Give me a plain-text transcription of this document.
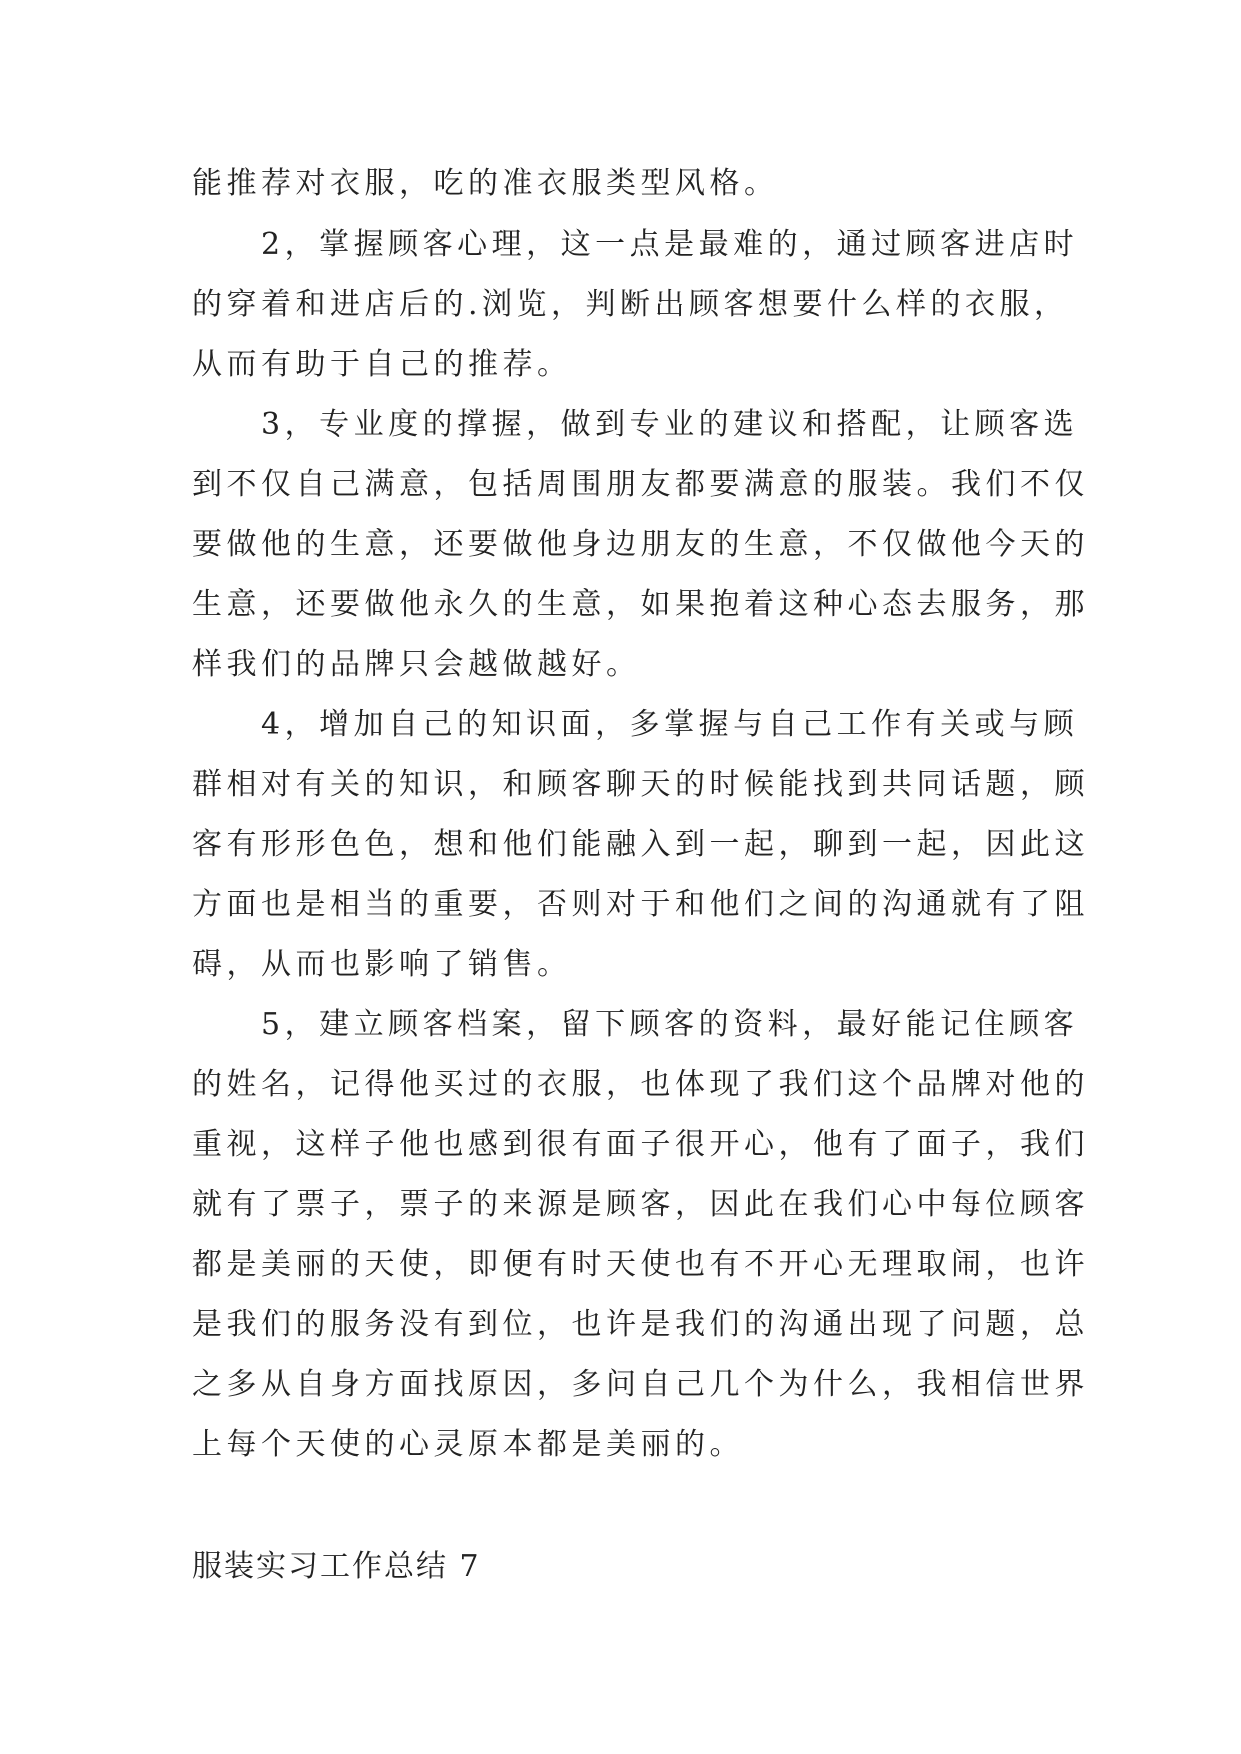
能推荐对衣服，吃的准衣服类型风格。
　　2，掌握顾客心理，这一点是最难的，通过顾客进店时
的穿着和进店后的.浏览，判断出顾客想要什么样的衣服，
从而有助于自己的推荐。
　　3，专业度的撑握，做到专业的建议和搭配，让顾客选
到不仅自己满意，包括周围朋友都要满意的服装。我们不仅
要做他的生意，还要做他身边朋友的生意，不仅做他今天的
生意，还要做他永久的生意，如果抱着这种心态去服务，那
样我们的品牌只会越做越好。
　　4，增加自己的知识面，多掌握与自己工作有关或与顾
群相对有关的知识，和顾客聊天的时候能找到共同话题，顾
客有形形色色，想和他们能融入到一起，聊到一起，因此这
方面也是相当的重要，否则对于和他们之间的沟通就有了阻
碍，从而也影响了销售。
　　5，建立顾客档案，留下顾客的资料，最好能记住顾客
的姓名，记得他买过的衣服，也体现了我们这个品牌对他的
重视，这样子他也感到很有面子很开心，他有了面子，我们
就有了票子，票子的来源是顾客，因此在我们心中每位顾客
都是美丽的天使，即便有时天使也有不开心无理取闹，也许
是我们的服务没有到位，也许是我们的沟通出现了问题，总
之多从自身方面找原因，多问自己几个为什么，我相信世界
上每个天使的心灵原本都是美丽的。
服装实习工作总结 7
